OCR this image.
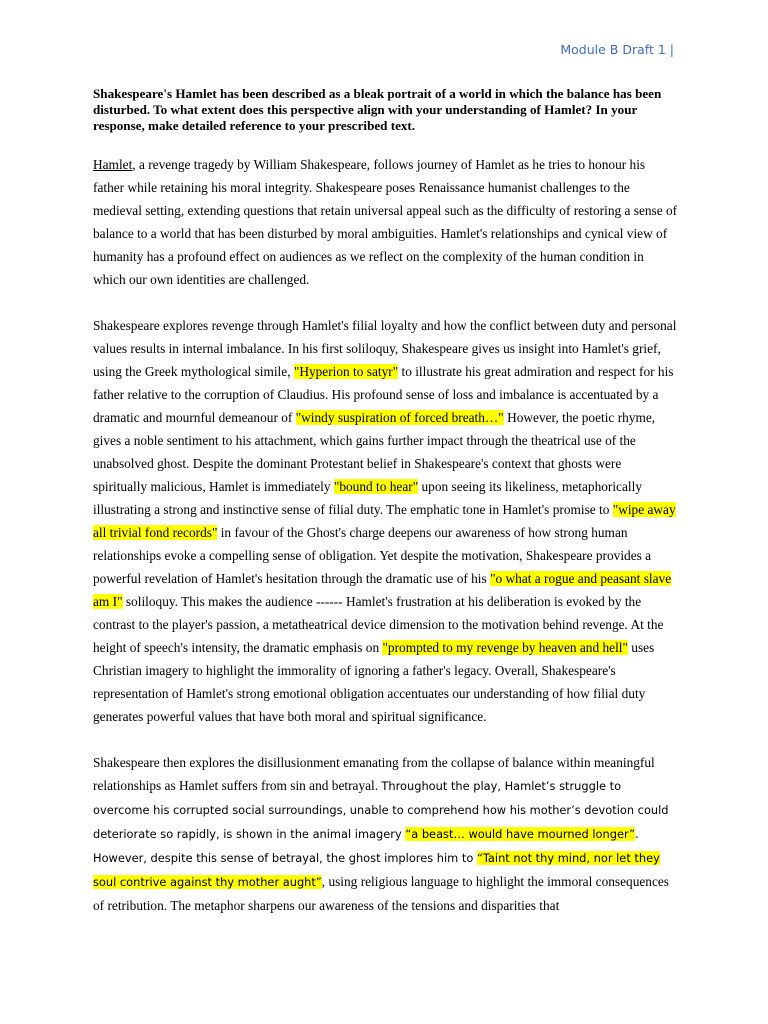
Module B Draft 1 |

Shakespeare's Hamlet has been described as a bleak portrait of a world in which the balance has been disturbed. To what extent does this perspective align with your understanding of Hamlet? In your response, make detailed reference to your prescribed text.

Hamlet, a revenge tragedy by William Shakespeare, follows journey of Hamlet as he tries to honour his father while retaining his moral integrity. Shakespeare poses Renaissance humanist challenges to the medieval setting, extending questions that retain universal appeal such as the difficulty of restoring a sense of balance to a world that has been disturbed by moral ambiguities. Hamlet's relationships and cynical view of humanity has a profound effect on audiences as we reflect on the complexity of the human condition in which our own identities are challenged.

Shakespeare explores revenge through Hamlet's filial loyalty and how the conflict between duty and personal values results in internal imbalance. In his first soliloquy, Shakespeare gives us insight into Hamlet's grief, using the Greek mythological simile, "Hyperion to satyr" to illustrate his great admiration and respect for his father relative to the corruption of Claudius. His profound sense of loss and imbalance is accentuated by a dramatic and mournful demeanour of "windy suspiration of forced breath…" However, the poetic rhyme, gives a noble sentiment to his attachment, which gains further impact through the theatrical use of the unabsolved ghost. Despite the dominant Protestant belief in Shakespeare's context that ghosts were spiritually malicious, Hamlet is immediately "bound to hear" upon seeing its likeliness, metaphorically illustrating a strong and instinctive sense of filial duty. The emphatic tone in Hamlet's promise to "wipe away all trivial fond records" in favour of the Ghost's charge deepens our awareness of how strong human relationships evoke a compelling sense of obligation. Yet despite the motivation, Shakespeare provides a powerful revelation of Hamlet's hesitation through the dramatic use of his "o what a rogue and peasant slave am I" soliloquy. This makes the audience ------ Hamlet's frustration at his deliberation is evoked by the contrast to the player's passion, a metatheatrical device dimension to the motivation behind revenge. At the height of speech's intensity, the dramatic emphasis on "prompted to my revenge by heaven and hell" uses Christian imagery to highlight the immorality of ignoring a father's legacy. Overall, Shakespeare's representation of Hamlet's strong emotional obligation accentuates our understanding of how filial duty generates powerful values that have both moral and spiritual significance.

Shakespeare then explores the disillusionment emanating from the collapse of balance within meaningful relationships as Hamlet suffers from sin and betrayal. Throughout the play, Hamlet’s struggle to overcome his corrupted social surroundings, unable to comprehend how his mother’s devotion could deteriorate so rapidly, is shown in the animal imagery “a beast… would have mourned longer”. However, despite this sense of betrayal, the ghost implores him to “Taint not thy mind, nor let they soul contrive against thy mother aught”, using religious language to highlight the immoral consequences of retribution. The metaphor sharpens our awareness of the tensions and disparities that
